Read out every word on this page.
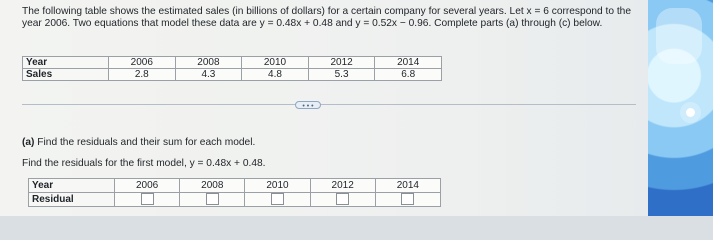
The following table shows the estimated sales (in billions of dollars) for a certain company for several years. Let x = 6 correspond to the year 2006. Two equations that model these data are y = 0.48x + 0.48 and y = 0.52x − 0.96. Complete parts (a) through (c) below.
Year	2006	2008	2010	2012	2014
Sales	2.8	4.3	4.8	5.3	6.8
• • •
(a) Find the residuals and their sum for each model.
Find the residuals for the first model, y = 0.48x + 0.48.
Year	2006	2008	2010	2012	2014
Residual					
